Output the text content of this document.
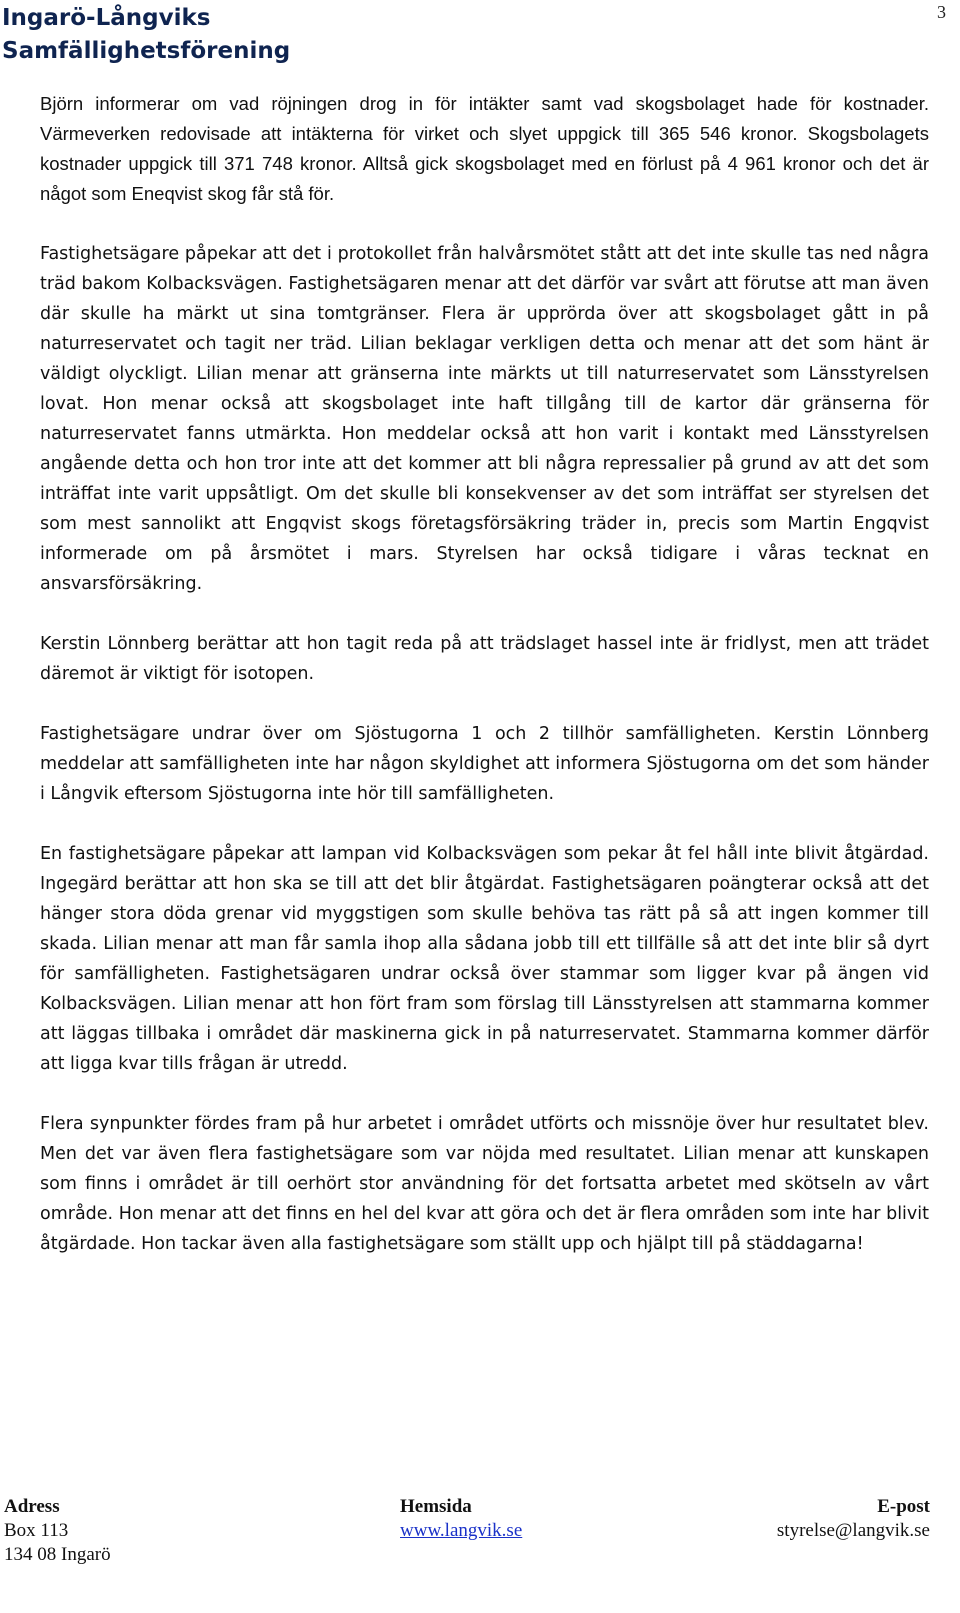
Ingarö-Långviks
Samfällighetsförening
3

Björn informerar om vad röjningen drog in för intäkter samt vad skogsbolaget hade för kostnader. Värmeverken redovisade att intäkterna för virket och slyet uppgick till 365 546 kronor. Skogsbolagets kostnader uppgick till 371 748 kronor. Alltså gick skogsbolaget med en förlust på 4 961 kronor och det är något som Eneqvist skog får stå för.

Fastighetsägare påpekar att det i protokollet från halvårsmötet stått att det inte skulle tas ned några träd bakom Kolbacksvägen. Fastighetsägaren menar att det därför var svårt att förutse att man även där skulle ha märkt ut sina tomtgränser. Flera är upprörda över att skogsbolaget gått in på naturreservatet och tagit ner träd. Lilian beklagar verkligen detta och menar att det som hänt är väldigt olyckligt. Lilian menar att gränserna inte märkts ut till naturreservatet som Länsstyrelsen lovat. Hon menar också att skogsbolaget inte haft tillgång till de kartor där gränserna för naturreservatet fanns utmärkta. Hon meddelar också att hon varit i kontakt med Länsstyrelsen angående detta och hon tror inte att det kommer att bli några repressalier på grund av att det som inträffat inte varit uppsåtligt. Om det skulle bli konsekvenser av det som inträffat ser styrelsen det som mest sannolikt att Engqvist skogs företagsförsäkring träder in, precis som Martin Engqvist informerade om på årsmötet i mars. Styrelsen har också tidigare i våras tecknat en ansvarsförsäkring.

Kerstin Lönnberg berättar att hon tagit reda på att trädslaget hassel inte är fridlyst, men att trädet däremot är viktigt för isotopen.

Fastighetsägare undrar över om Sjöstugorna 1 och 2 tillhör samfälligheten. Kerstin Lönnberg meddelar att samfälligheten inte har någon skyldighet att informera Sjöstugorna om det som händer i Långvik eftersom Sjöstugorna inte hör till samfälligheten.

En fastighetsägare påpekar att lampan vid Kolbacksvägen som pekar åt fel håll inte blivit åtgärdad. Ingegärd berättar att hon ska se till att det blir åtgärdat. Fastighetsägaren poängterar också att det hänger stora döda grenar vid myggstigen som skulle behöva tas rätt på så att ingen kommer till skada. Lilian menar att man får samla ihop alla sådana jobb till ett tillfälle så att det inte blir så dyrt för samfälligheten. Fastighetsägaren undrar också över stammar som ligger kvar på ängen vid Kolbacksvägen. Lilian menar att hon fört fram som förslag till Länsstyrelsen att stammarna kommer att läggas tillbaka i området där maskinerna gick in på naturreservatet. Stammarna kommer därför att ligga kvar tills frågan är utredd.

Flera synpunkter fördes fram på hur arbetet i området utförts och missnöje över hur resultatet blev. Men det var även flera fastighetsägare som var nöjda med resultatet. Lilian menar att kunskapen som finns i området är till oerhört stor användning för det fortsatta arbetet med skötseln av vårt område. Hon menar att det finns en hel del kvar att göra och det är flera områden som inte har blivit åtgärdade. Hon tackar även alla fastighetsägare som ställt upp och hjälpt till på städdagarna!

Adress
Box 113
134 08 Ingarö
Hemsida
www.langvik.se
E-post
styrelse@langvik.se
